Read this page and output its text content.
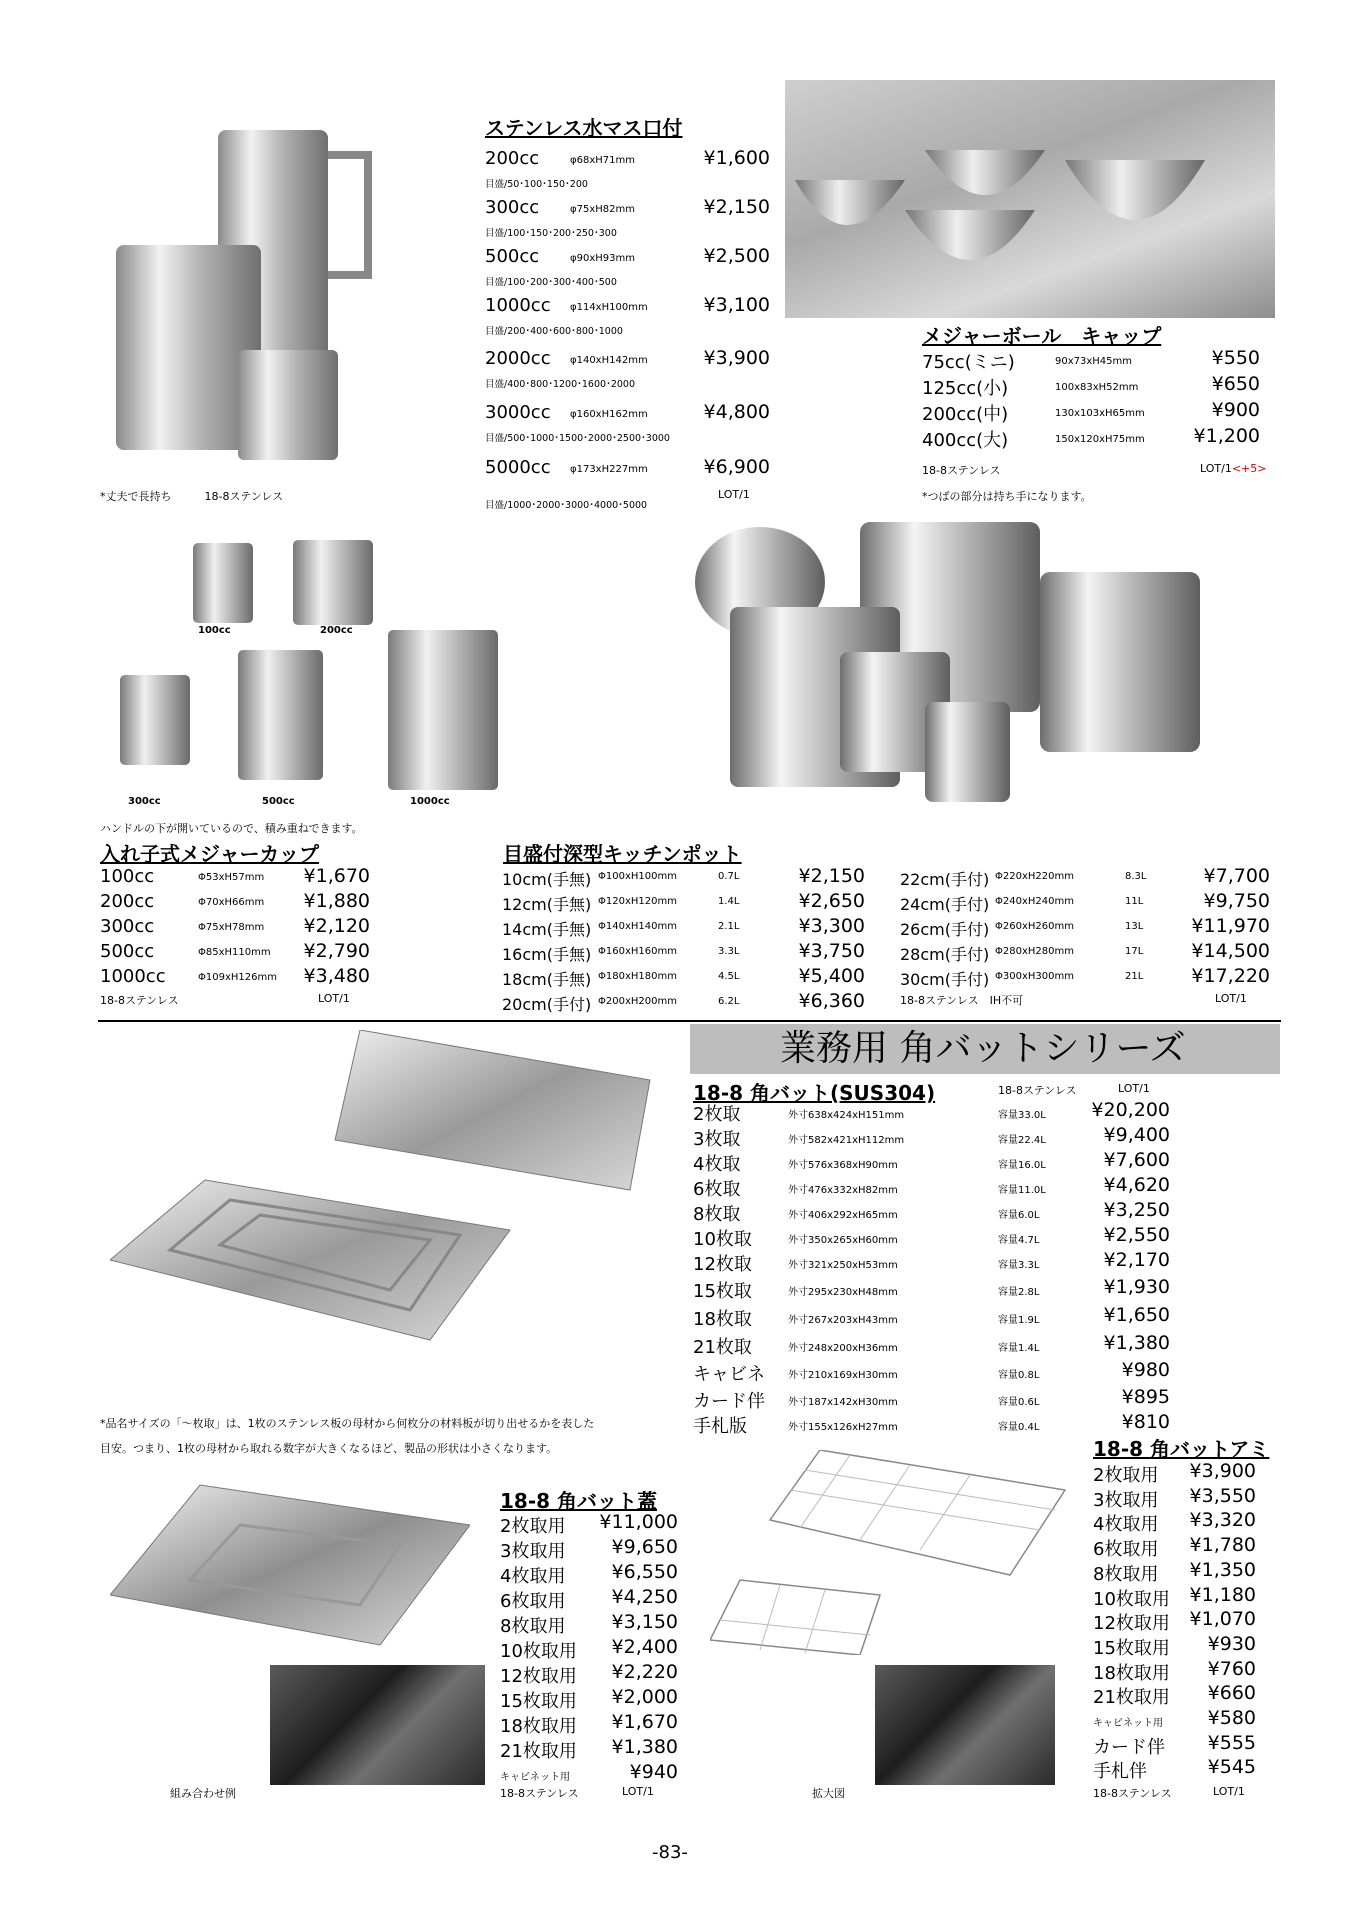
100cc	200cc
300cc	500cc	1000cc
ステンレス水マス口付
200cc	φ68xH71mm	¥1,600
目盛/50･100･150･200
300cc	φ75xH82mm	¥2,150
目盛/100･150･200･250･300
500cc	φ90xH93mm	¥2,500
目盛/100･200･300･400･500
1000cc φ114xH100mm	¥3,100
目盛/200･400･600･800･1000
2000cc φ140xH142mm	¥3,900
目盛/400･800･1200･1600･2000
3000cc φ160xH162mm	¥4,800
目盛/500･1000･1500･2000･2500･3000
5000cc φ173xH227mm	¥6,900
目盛/1000･2000･3000･4000･5000
LOT/1
*丈夫で長持ち　　　18-8ステンレス
メジャーボール　キャップ
75cc(ミニ)	90x73xH45mm	¥550
125cc(小)	100x83xH52mm	¥650
200cc(中)	130x103xH65mm	¥900
400cc(大)	150x120xH75mm	¥1,200
18-8ステンレス	LOT/1<+5>
*つばの部分は持ち手になります。
ハンドルの下が開いているので、積み重ねできます。
入れ子式メジャーカップ
100cc	Φ53xH57mm	¥1,670
200cc	Φ70xH66mm	¥1,880
300cc	Φ75xH78mm	¥2,120
500cc	Φ85xH110mm	¥2,790
1000cc	Φ109xH126mm	¥3,480
18-8ステンレス	LOT/1
目盛付深型キッチンポット
10cm(手無) Φ100xH100mm	0.7L	¥2,150
12cm(手無) Φ120xH120mm	1.4L	¥2,650
14cm(手無) Φ140xH140mm	2.1L	¥3,300
16cm(手無) Φ160xH160mm	3.3L	¥3,750
18cm(手無) Φ180xH180mm	4.5L	¥5,400
20cm(手付) Φ200xH200mm	6.2L	¥6,360
22cm(手付) Φ220xH220mm	8.3L	¥7,700
24cm(手付) Φ240xH240mm	11L	¥9,750
26cm(手付) Φ260xH260mm	13L	¥11,970
28cm(手付) Φ280xH280mm	17L	¥14,500
30cm(手付) Φ300xH300mm	21L	¥17,220
18-8ステンレス　IH不可	LOT/1
業務用 角バットシリーズ
18-8 角バット(SUS304)	18-8ステンレス	LOT/1
2枚取	外寸638x424xH151mm	容量33.0L	¥20,200
3枚取	外寸582x421xH112mm	容量22.4L	¥9,400
4枚取	外寸576x368xH90mm	容量16.0L	¥7,600
6枚取	外寸476x332xH82mm	容量11.0L	¥4,620
8枚取	外寸406x292xH65mm	容量6.0L	¥3,250
10枚取	外寸350x265xH60mm	容量4.7L	¥2,550
12枚取	外寸321x250xH53mm	容量3.3L	¥2,170
15枚取	外寸295x230xH48mm	容量2.8L	¥1,930
18枚取	外寸267x203xH43mm	容量1.9L	¥1,650
21枚取	外寸248x200xH36mm	容量1.4L	¥1,380
キャビネ 外寸210x169xH30mm	容量0.8L	¥980
カード伴 外寸187x142xH30mm	容量0.6L	¥895
手札版	外寸155x126xH27mm	容量0.4L	¥810
*品名サイズの「～枚取」は、1枚のステンレス板の母材から何枚分の材料板が切り出せるかを表した
目安。つまり、1枚の母材から取れる数字が大きくなるほど、製品の形状は小さくなります。
18-8 角バット蓋
2枚取用	¥11,000
3枚取用	¥9,650
4枚取用	¥6,550
6枚取用	¥4,250
8枚取用	¥3,150
10枚取用	¥2,400
12枚取用	¥2,220
15枚取用	¥2,000
18枚取用	¥1,670
21枚取用	¥1,380
キャビネット用	¥940
18-8ステンレス	LOT/1
組み合わせ例
18-8 角バットアミ
2枚取用	¥3,900
3枚取用	¥3,550
4枚取用	¥3,320
6枚取用	¥1,780
8枚取用	¥1,350
10枚取用	¥1,180
12枚取用	¥1,070
15枚取用	¥930
18枚取用	¥760
21枚取用	¥660
キャビネット用	¥580
カード伴	¥555
手札伴	¥545
18-8ステンレス	LOT/1
拡大図
-83-
